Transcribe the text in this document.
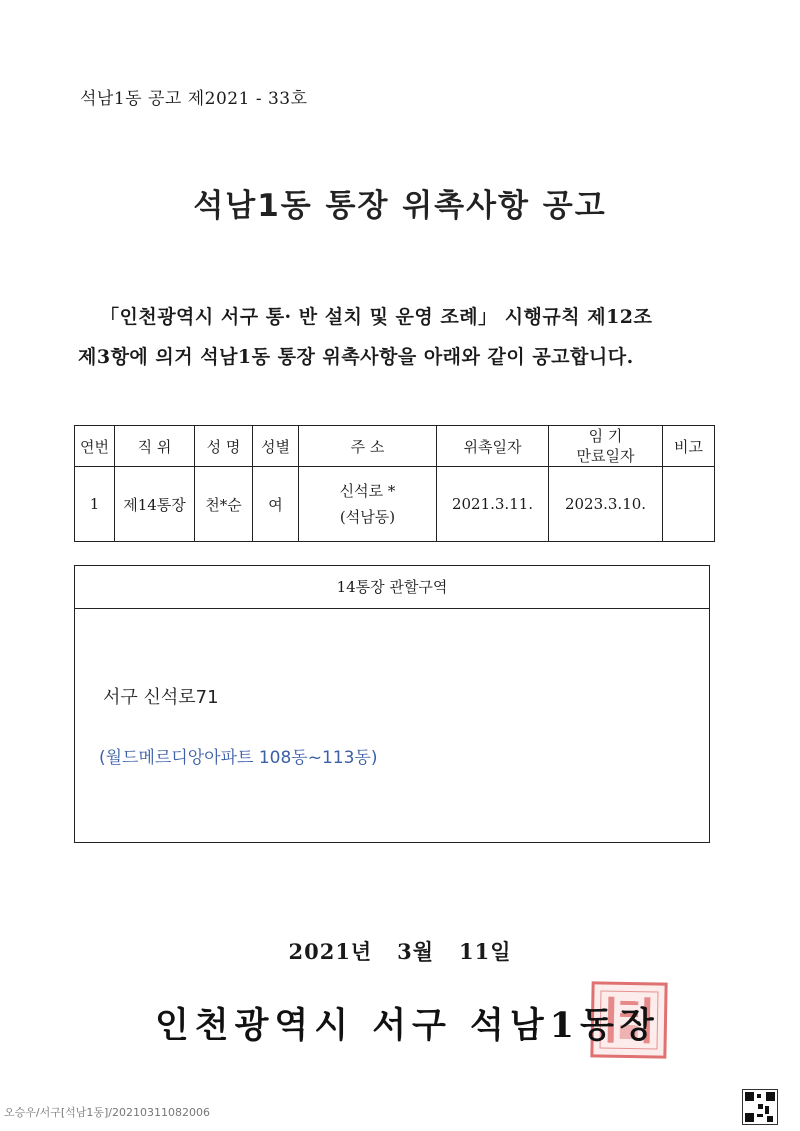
석남1동 공고 제2021 - 33호
석남1동 통장 위촉사항 공고
「인천광역시 서구 통· 반 설치 및 운영 조례」 시행규칙 제12조
제3항에 의거 석남1동 통장 위촉사항을 아래와 같이 공고합니다.
연번	직 위	성 명	성별	주 소	위촉일자	임 기
만료일자	비고
1	제14통장	천*순	여	신석로 *
(석남동)	2021.3.11.	2023.3.10.	
14통장 관할구역
서구 신석로71
(월드메르디앙아파트 108동~113동)
2021년   3월   11일
인천광역시 서구 석남1동장
오승우/서구[석남1동]/20210311082006
